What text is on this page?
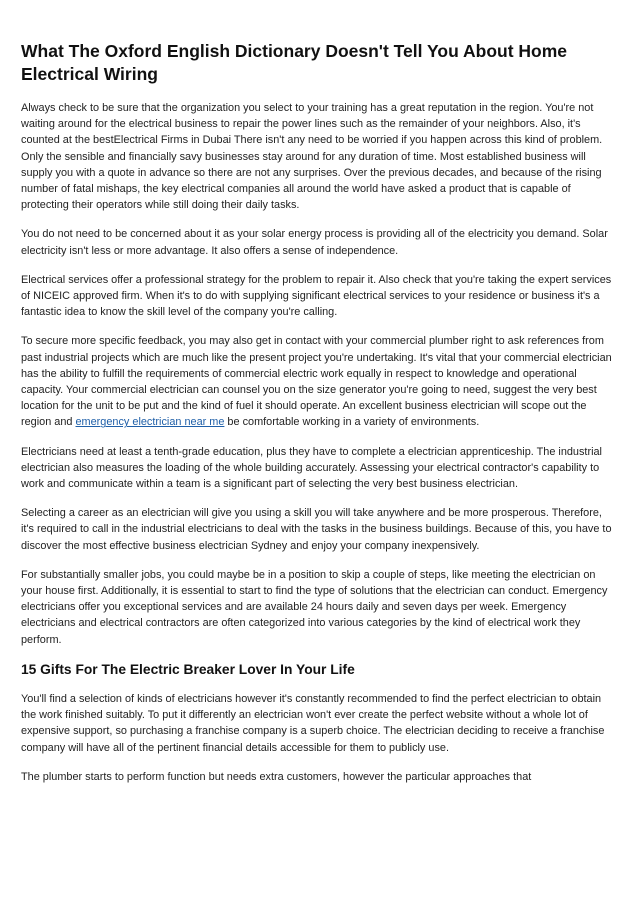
What The Oxford English Dictionary Doesn't Tell You About Home Electrical Wiring

Always check to be sure that the organization you select to your training has a great reputation in the region. You're not waiting around for the electrical business to repair the power lines such as the remainder of your neighbors. Also, it's counted at the bestElectrical Firms in Dubai There isn't any need to be worried if you happen across this kind of problem. Only the sensible and financially savy businesses stay around for any duration of time. Most established business will supply you with a quote in advance so there are not any surprises. Over the previous decades, and because of the rising number of fatal mishaps, the key electrical companies all around the world have asked a product that is capable of protecting their operators while still doing their daily tasks.

You do not need to be concerned about it as your solar energy process is providing all of the electricity you demand. Solar electricity isn't less or more advantage. It also offers a sense of independence.

Electrical services offer a professional strategy for the problem to repair it. Also check that you're taking the expert services of NICEIC approved firm. When it's to do with supplying significant electrical services to your residence or business it's a fantastic idea to know the skill level of the company you're calling.

To secure more specific feedback, you may also get in contact with your commercial plumber right to ask references from past industrial projects which are much like the present project you're undertaking. It's vital that your commercial electrician has the ability to fulfill the requirements of commercial electric work equally in respect to knowledge and operational capacity. Your commercial electrician can counsel you on the size generator you're going to need, suggest the very best location for the unit to be put and the kind of fuel it should operate. An excellent business electrician will scope out the region and emergency electrician near me be comfortable working in a variety of environments.

Electricians need at least a tenth-grade education, plus they have to complete a electrician apprenticeship. The industrial electrician also measures the loading of the whole building accurately. Assessing your electrical contractor's capability to work and communicate within a team is a significant part of selecting the very best business electrician.

Selecting a career as an electrician will give you using a skill you will take anywhere and be more prosperous. Therefore, it's required to call in the industrial electricians to deal with the tasks in the business buildings. Because of this, you have to discover the most effective business electrician Sydney and enjoy your company inexpensively.

For substantially smaller jobs, you could maybe be in a position to skip a couple of steps, like meeting the electrician on your house first. Additionally, it is essential to start to find the type of solutions that the electrician can conduct. Emergency electricians offer you exceptional services and are available 24 hours daily and seven days per week. Emergency electricians and electrical contractors are often categorized into various categories by the kind of electrical work they perform.

15 Gifts For The Electric Breaker Lover In Your Life

You'll find a selection of kinds of electricians however it's constantly recommended to find the perfect electrician to obtain the work finished suitably. To put it differently an electrician won't ever create the perfect website without a whole lot of expensive support, so purchasing a franchise company is a superb choice. The electrician deciding to receive a franchise company will have all of the pertinent financial details accessible for them to publicly use.

The plumber starts to perform function but needs extra customers, however the particular approaches that
